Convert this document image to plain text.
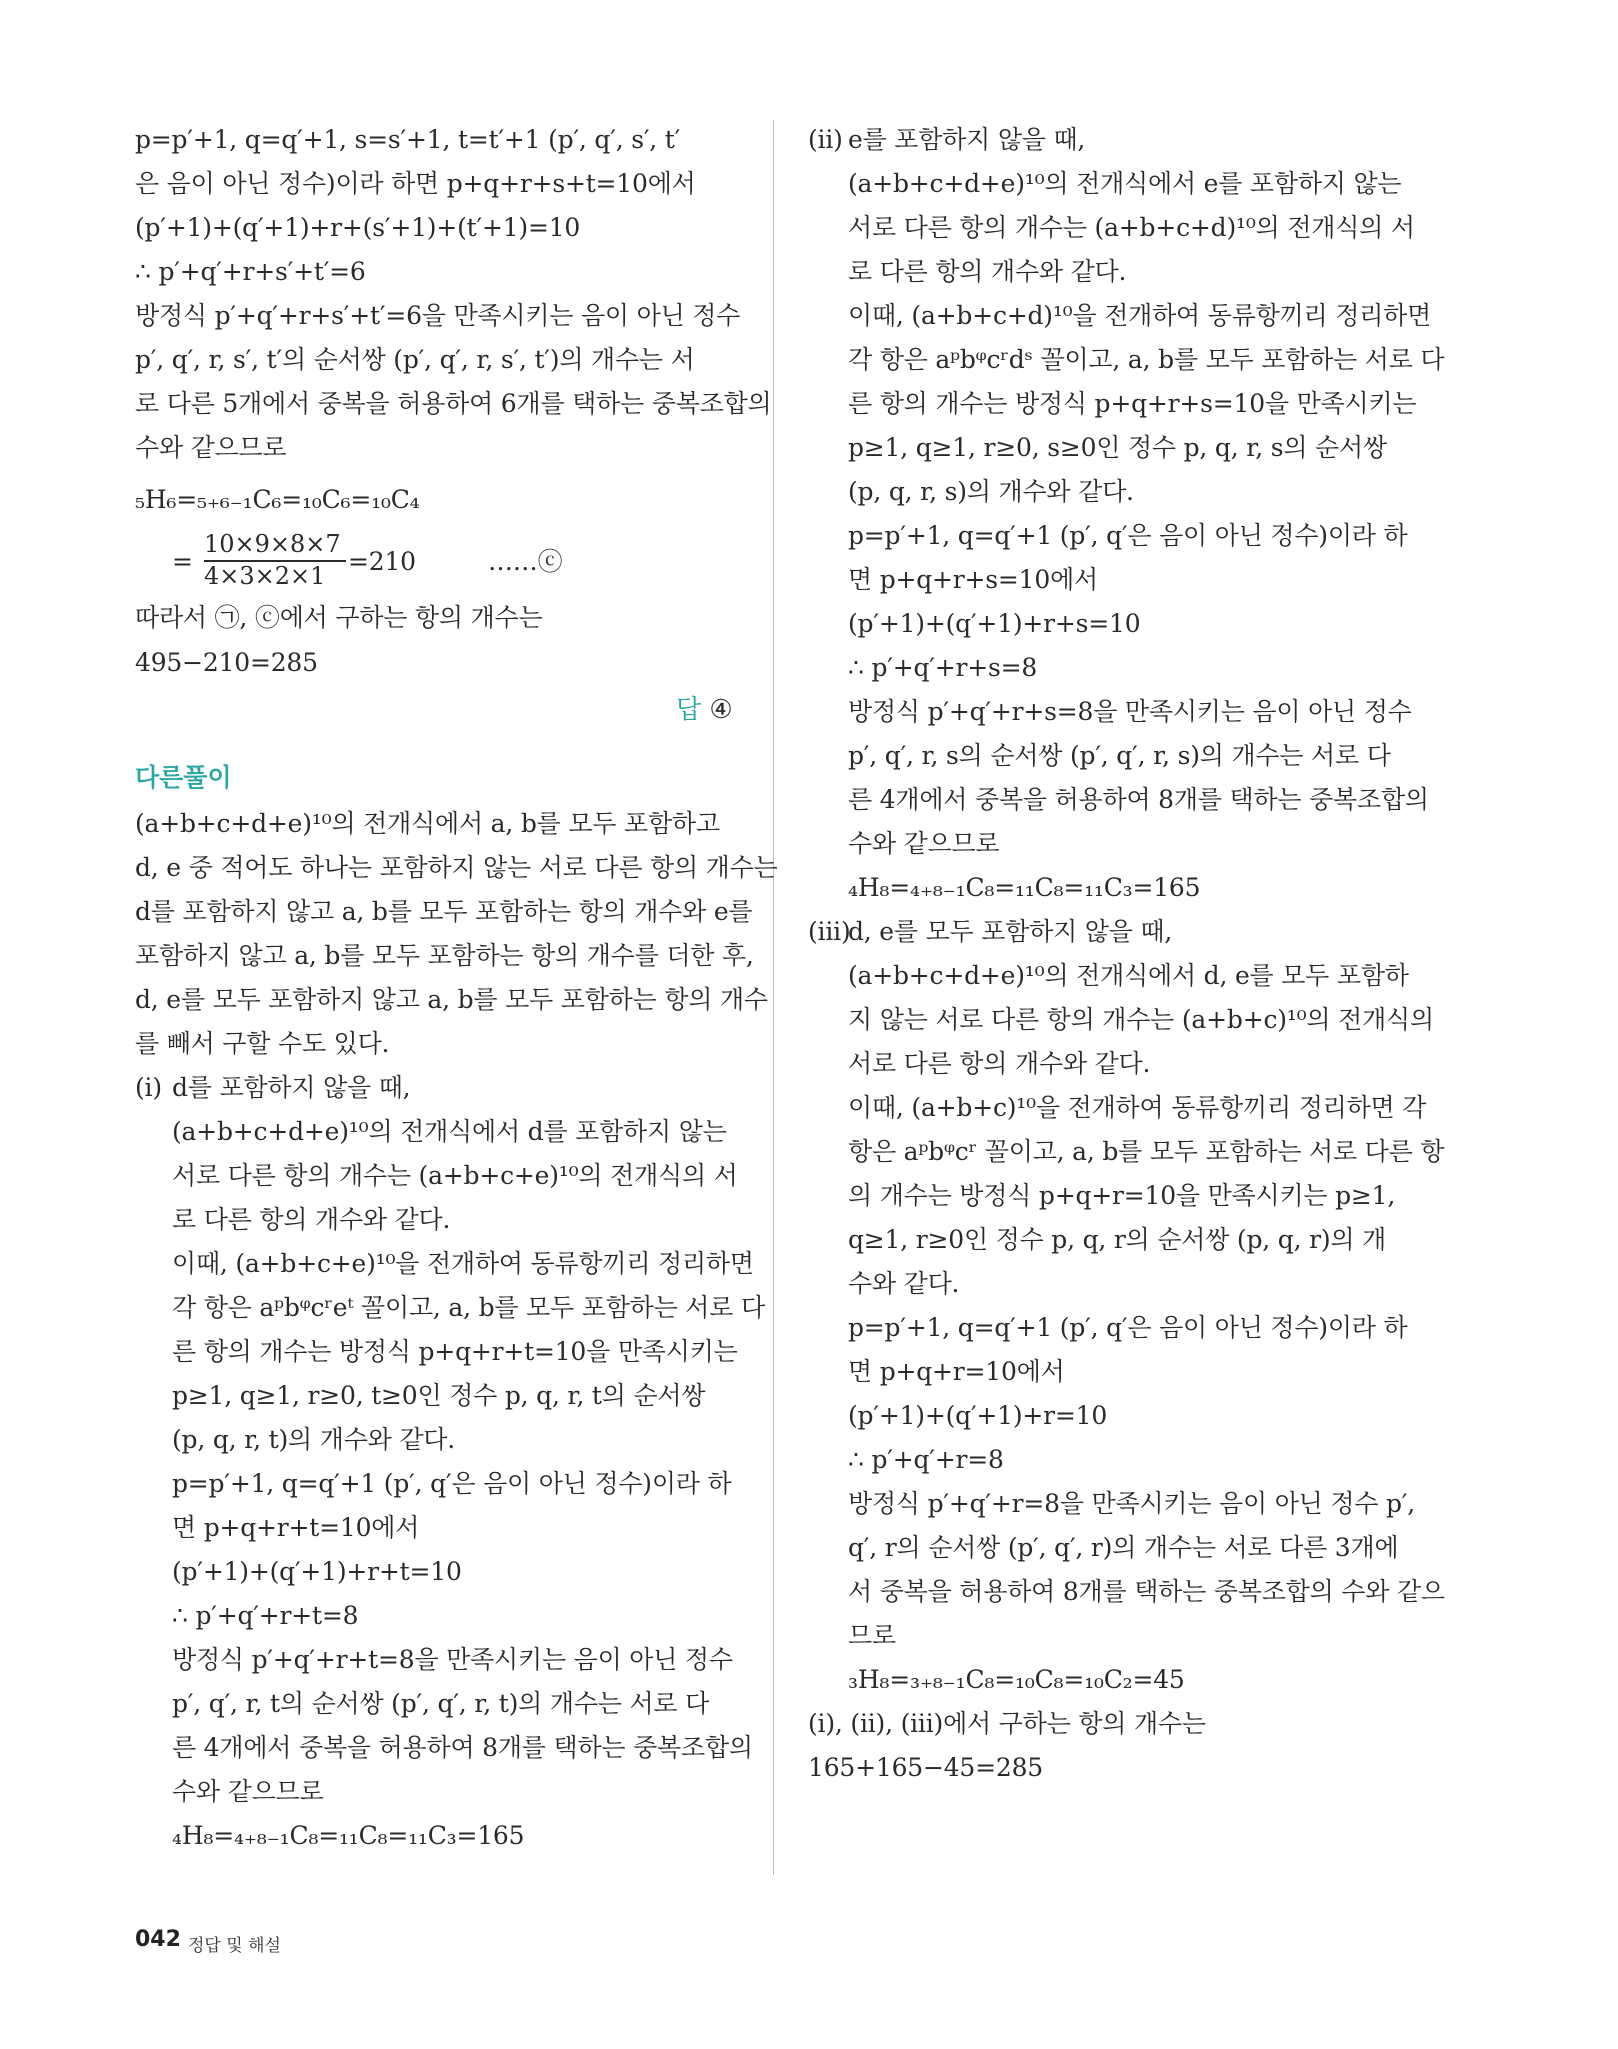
p=p′+1, q=q′+1, s=s′+1, t=t′+1 (p′, q′, s′, t′
은 음이 아닌 정수)이라 하면 p+q+r+s+t=10에서
(p′+1)+(q′+1)+r+(s′+1)+(t′+1)=10
∴ p′+q′+r+s′+t′=6
방정식 p′+q′+r+s′+t′=6을 만족시키는 음이 아닌 정수
p′, q′, r, s′, t′의 순서쌍 (p′, q′, r, s′, t′)의 개수는 서
로 다른 5개에서 중복을 허용하여 6개를 택하는 중복조합의
수와 같으므로
₅H₆=₅₊₆₋₁C₆=₁₀C₆=₁₀C₄
=
10×9×8×7
4×3×2×1 =210	……ⓒ
따라서 ㉠, ⓒ에서 구하는 항의 개수는
495−210=285
답 ④
다른풀이
(a+b+c+d+e)¹⁰의 전개식에서 a, b를 모두 포함하고
d, e 중 적어도 하나는 포함하지 않는 서로 다른 항의 개수는
d를 포함하지 않고 a, b를 모두 포함하는 항의 개수와 e를
포함하지 않고 a, b를 모두 포함하는 항의 개수를 더한 후,
d, e를 모두 포함하지 않고 a, b를 모두 포함하는 항의 개수
를 빼서 구할 수도 있다.
(i) d를 포함하지 않을 때,
(a+b+c+d+e)¹⁰의 전개식에서 d를 포함하지 않는
서로 다른 항의 개수는 (a+b+c+e)¹⁰의 전개식의 서
로 다른 항의 개수와 같다.
이때, (a+b+c+e)¹⁰을 전개하여 동류항끼리 정리하면
각 항은 aᵖbᵠcʳeᵗ 꼴이고, a, b를 모두 포함하는 서로 다
른 항의 개수는 방정식 p+q+r+t=10을 만족시키는
p≥1, q≥1, r≥0, t≥0인 정수 p, q, r, t의 순서쌍
(p, q, r, t)의 개수와 같다.
p=p′+1, q=q′+1 (p′, q′은 음이 아닌 정수)이라 하
면 p+q+r+t=10에서
(p′+1)+(q′+1)+r+t=10
∴ p′+q′+r+t=8
방정식 p′+q′+r+t=8을 만족시키는 음이 아닌 정수
p′, q′, r, t의 순서쌍 (p′, q′, r, t)의 개수는 서로 다
른 4개에서 중복을 허용하여 8개를 택하는 중복조합의
수와 같으므로
₄H₈=₄₊₈₋₁C₈=₁₁C₈=₁₁C₃=165
(ii) e를 포함하지 않을 때,
(a+b+c+d+e)¹⁰의 전개식에서 e를 포함하지 않는
서로 다른 항의 개수는 (a+b+c+d)¹⁰의 전개식의 서
로 다른 항의 개수와 같다.
이때, (a+b+c+d)¹⁰을 전개하여 동류항끼리 정리하면
각 항은 aᵖbᵠcʳdˢ 꼴이고, a, b를 모두 포함하는 서로 다
른 항의 개수는 방정식 p+q+r+s=10을 만족시키는
p≥1, q≥1, r≥0, s≥0인 정수 p, q, r, s의 순서쌍
(p, q, r, s)의 개수와 같다.
p=p′+1, q=q′+1 (p′, q′은 음이 아닌 정수)이라 하
면 p+q+r+s=10에서
(p′+1)+(q′+1)+r+s=10
∴ p′+q′+r+s=8
방정식 p′+q′+r+s=8을 만족시키는 음이 아닌 정수
p′, q′, r, s의 순서쌍 (p′, q′, r, s)의 개수는 서로 다
른 4개에서 중복을 허용하여 8개를 택하는 중복조합의
수와 같으므로
₄H₈=₄₊₈₋₁C₈=₁₁C₈=₁₁C₃=165
(iii)
d, e를 모두 포함하지 않을 때,
(a+b+c+d+e)¹⁰의 전개식에서 d, e를 모두 포함하
지 않는 서로 다른 항의 개수는 (a+b+c)¹⁰의 전개식의
서로 다른 항의 개수와 같다.
이때, (a+b+c)¹⁰을 전개하여 동류항끼리 정리하면 각
항은 aᵖbᵠcʳ 꼴이고, a, b를 모두 포함하는 서로 다른 항
의 개수는 방정식 p+q+r=10을 만족시키는 p≥1,
q≥1, r≥0인 정수 p, q, r의 순서쌍 (p, q, r)의 개
수와 같다.
p=p′+1, q=q′+1 (p′, q′은 음이 아닌 정수)이라 하
면 p+q+r=10에서
(p′+1)+(q′+1)+r=10
∴ p′+q′+r=8
방정식 p′+q′+r=8을 만족시키는 음이 아닌 정수 p′,
q′, r의 순서쌍 (p′, q′, r)의 개수는 서로 다른 3개에
서 중복을 허용하여 8개를 택하는 중복조합의 수와 같으
므로
₃H₈=₃₊₈₋₁C₈=₁₀C₈=₁₀C₂=45
(i), (ii), (iii)에서 구하는 항의 개수는
165+165−45=285
042 정답 및 해설
